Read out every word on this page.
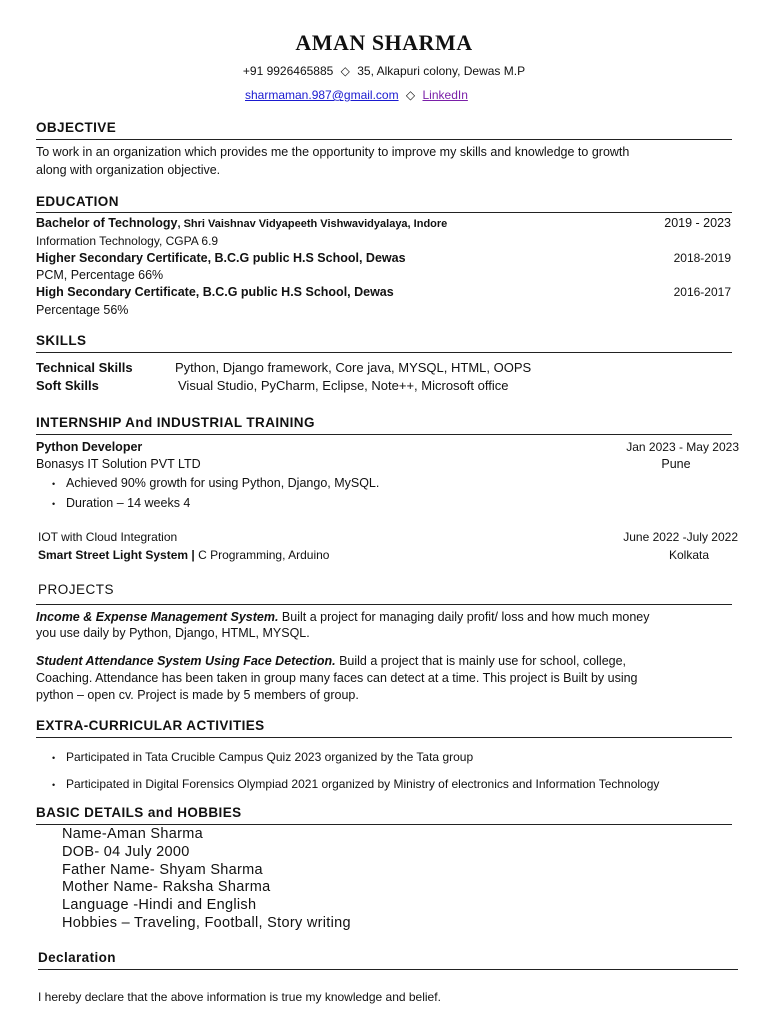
AMAN SHARMA
+91 9926465885 ◇ 35, Alkapuri colony, Dewas M.P
sharmaman.987@gmail.com ◇ LinkedIn
OBJECTIVE
To work in an organization which provides me the opportunity to improve my skills and knowledge to growth
along with organization objective.
EDUCATION
Bachelor of Technology, Shri Vaishnav Vidyapeeth Vishwavidyalaya, Indore	2019 - 2023
Information Technology, CGPA 6.9
Higher Secondary Certificate, B.C.G public H.S School, Dewas	2018-2019
PCM, Percentage 66%
High Secondary Certificate, B.C.G public H.S School, Dewas	2016-2017
Percentage 56%
SKILLS
Technical Skills	Python, Django framework, Core java, MYSQL, HTML, OOPS
Soft Skills	Visual Studio, PyCharm, Eclipse, Note++, Microsoft office
INTERNSHIP And INDUSTRIAL TRAINING
Python Developer	Jan 2023 - May 2023
Bonasys IT Solution PVT LTD	Pune
• Achieved 90% growth for using Python, Django, MySQL.
• Duration – 14 weeks 4
IOT with Cloud Integration	June 2022 -July 2022
Smart Street Light System | C Programming, Arduino	Kolkata
PROJECTS
Income & Expense Management System. Built a project for managing daily profit/ loss and how much money
you use daily by Python, Django, HTML, MYSQL.
Student Attendance System Using Face Detection. Build a project that is mainly use for school, college,
Coaching. Attendance has been taken in group many faces can detect at a time. This project is Built by using
python – open cv. Project is made by 5 members of group.
EXTRA-CURRICULAR ACTIVITIES
• Participated in Tata Crucible Campus Quiz 2023 organized by the Tata group
• Participated in Digital Forensics Olympiad 2021 organized by Ministry of electronics and Information Technology
BASIC DETAILS and HOBBIES
Name-Aman Sharma
DOB- 04 July 2000
Father Name- Shyam Sharma
Mother Name- Raksha Sharma
Language -Hindi and English
Hobbies – Traveling, Football, Story writing
Declaration
I hereby declare that the above information is true my knowledge and belief.
